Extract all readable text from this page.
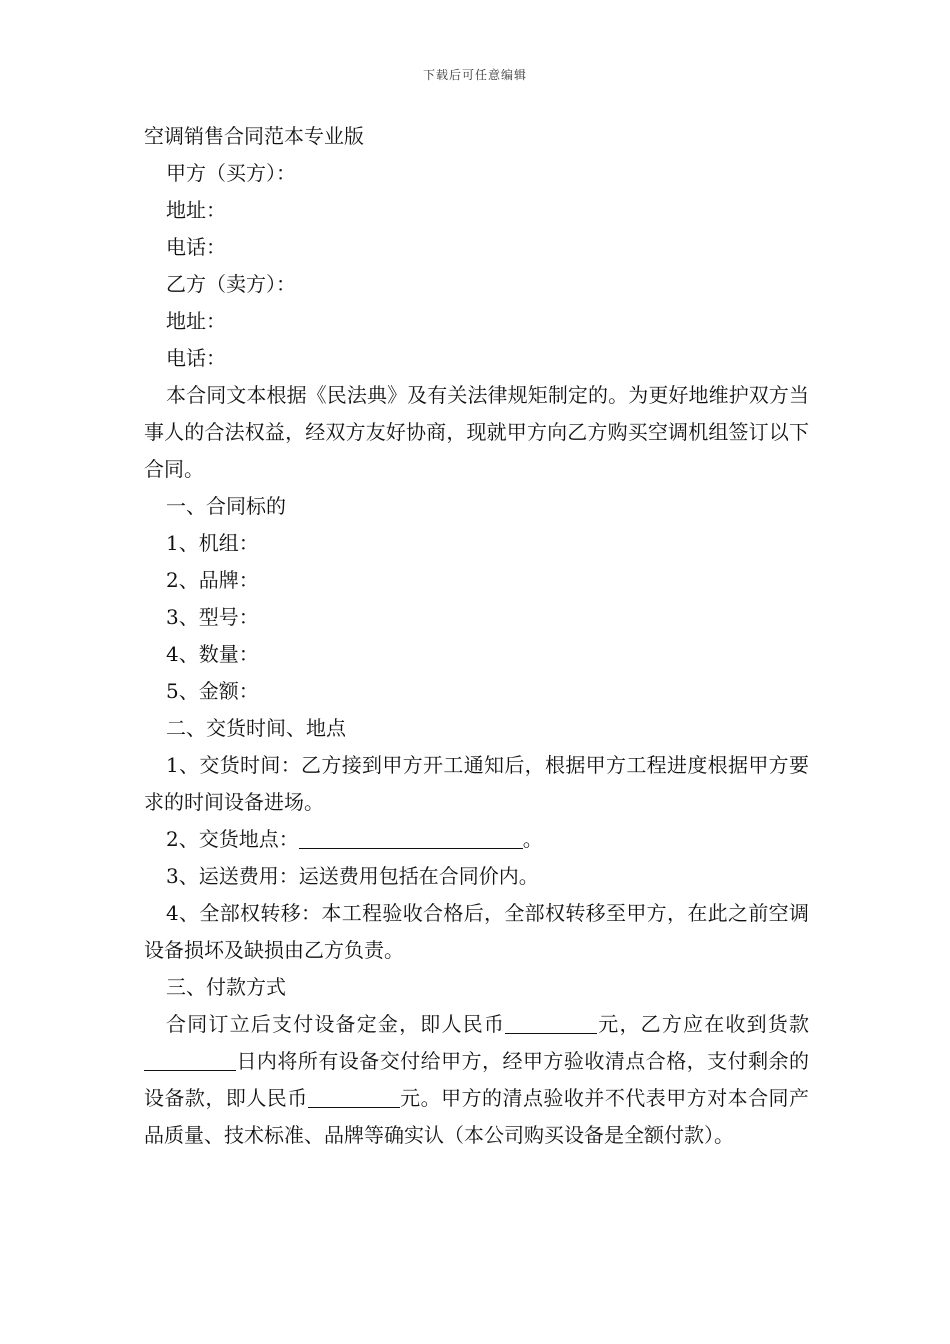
下载后可任意编辑
空调销售合同范本专业版
甲方（买方）：
地址：
电话：
乙方（卖方）：
地址：
电话：
本合同文本根据《民法典》及有关法律规矩制定的。为更好地维护双方当事人的合法权益，经双方友好协商，现就甲方向乙方购买空调机组签订以下合同。
一、合同标的
1、机组：
2、品牌：
3、型号：
4、数量：
5、金额：
二、交货时间、地点
1、交货时间：乙方接到甲方开工通知后，根据甲方工程进度根据甲方要求的时间设备进场。
2、交货地点：	。
3、运送费用：运送费用包括在合同价内。
4、全部权转移：本工程验收合格后，全部权转移至甲方，在此之前空调设备损坏及缺损由乙方负责。
三、付款方式
合同订立后支付设备定金，即人民币	元，乙方应在收到货款日内将所有设备交付给甲方，经甲方验收清点合格，支付剩余的设备款，即人民币	元。甲方的清点验收并不代表甲方对本合同产品质量、技术标准、品牌等确实认（本公司购买设备是全额付款）。
